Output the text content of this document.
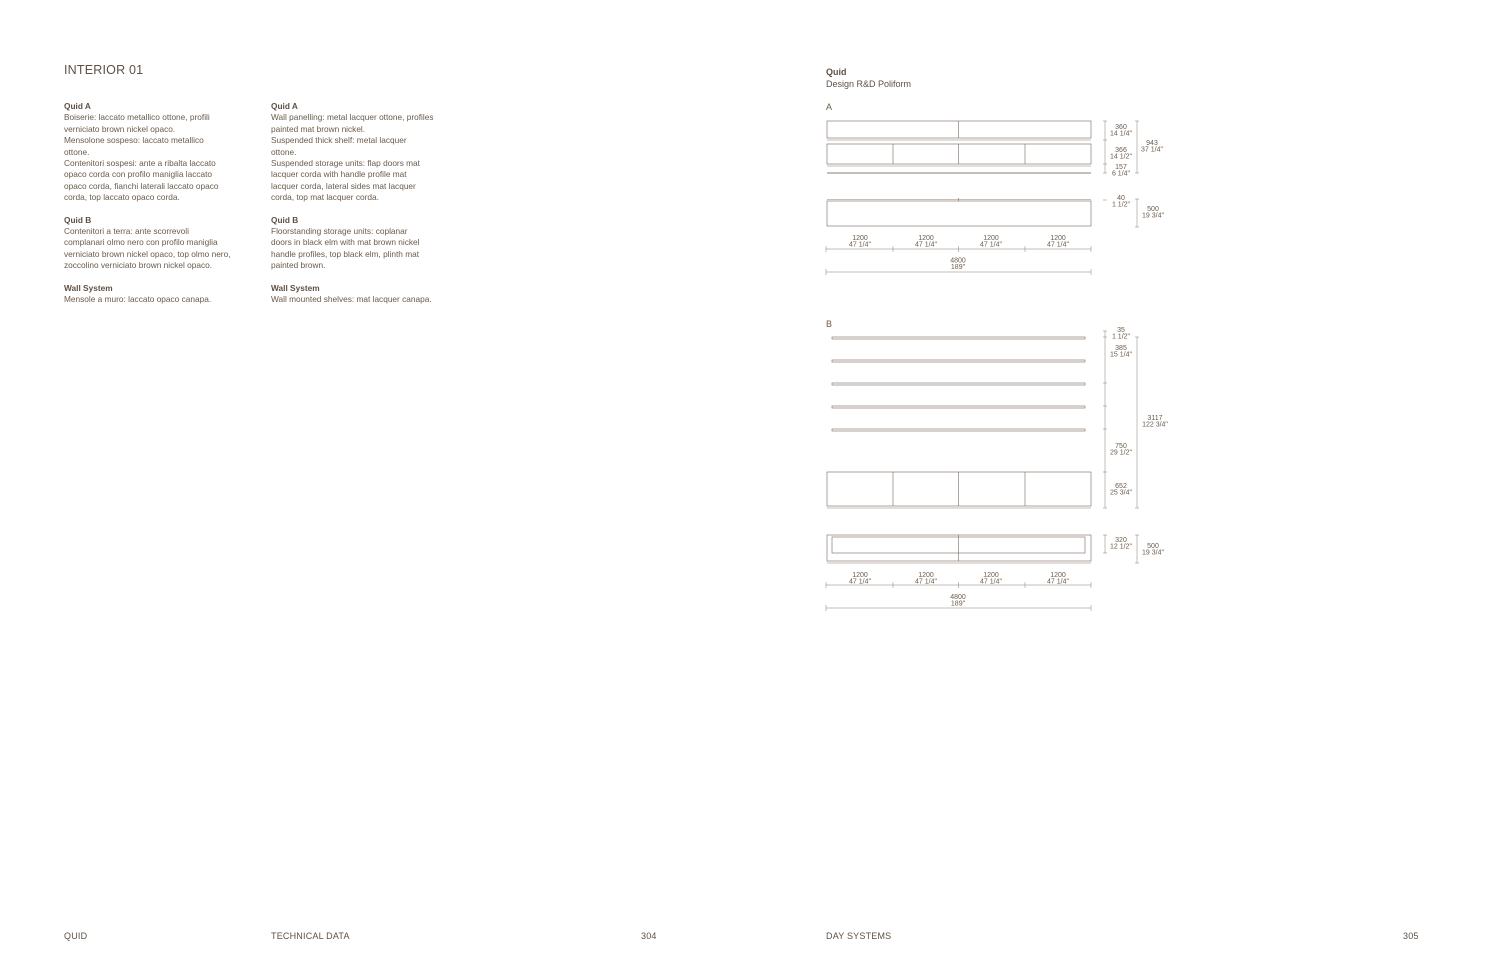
INTERIOR 01
Quid A
Boiserie: laccato metallico ottone, profili
verniciato brown nickel opaco.
Mensolone sospeso: laccato metallico
ottone.
Contenitori sospesi: ante a ribalta laccato
opaco corda con profilo maniglia laccato
opaco corda, fianchi laterali laccato opaco
corda, top laccato opaco corda.
Quid B
Contenitori a terra: ante scorrevoli
complanari olmo nero con profilo maniglia
verniciato brown nickel opaco, top olmo nero,
zoccolino verniciato brown nickel opaco.
Wall System
Mensole a muro: laccato opaco canapa.
Quid A
Wall panelling: metal lacquer ottone, profiles
painted mat brown nickel.
Suspended thick shelf: metal lacquer
ottone.
Suspended storage units: flap doors mat
lacquer corda with handle profile mat
lacquer corda, lateral sides mat lacquer
corda, top mat lacquer corda.
Quid B
Floorstanding storage units: coplanar
doors in black elm with mat brown nickel
handle profiles, top black elm, plinth mat
painted brown.
Wall System
Wall mounted shelves: mat lacquer canapa.
Quid
Design R&D Poliform
A
B
360
14 1/4"
366
14 1/2"
157
6 1/4"
943
37 1/4"
40
1 1/2"
500
19 3/4"
1200
47 1/4"
1200
47 1/4"
1200
47 1/4"
1200
47 1/4"
4800
189"
35
1 1/2"
385
15 1/4"
750
29 1/2"
652
25 3/4"
3117
122 3/4"
320
12 1/2" 500
19 3/4"
1200
47 1/4"
1200
47 1/4"
1200
47 1/4"
1200
47 1/4"
4800
189"
QUID	TECHNICAL DATA	304	DAY SYSTEMS	305
